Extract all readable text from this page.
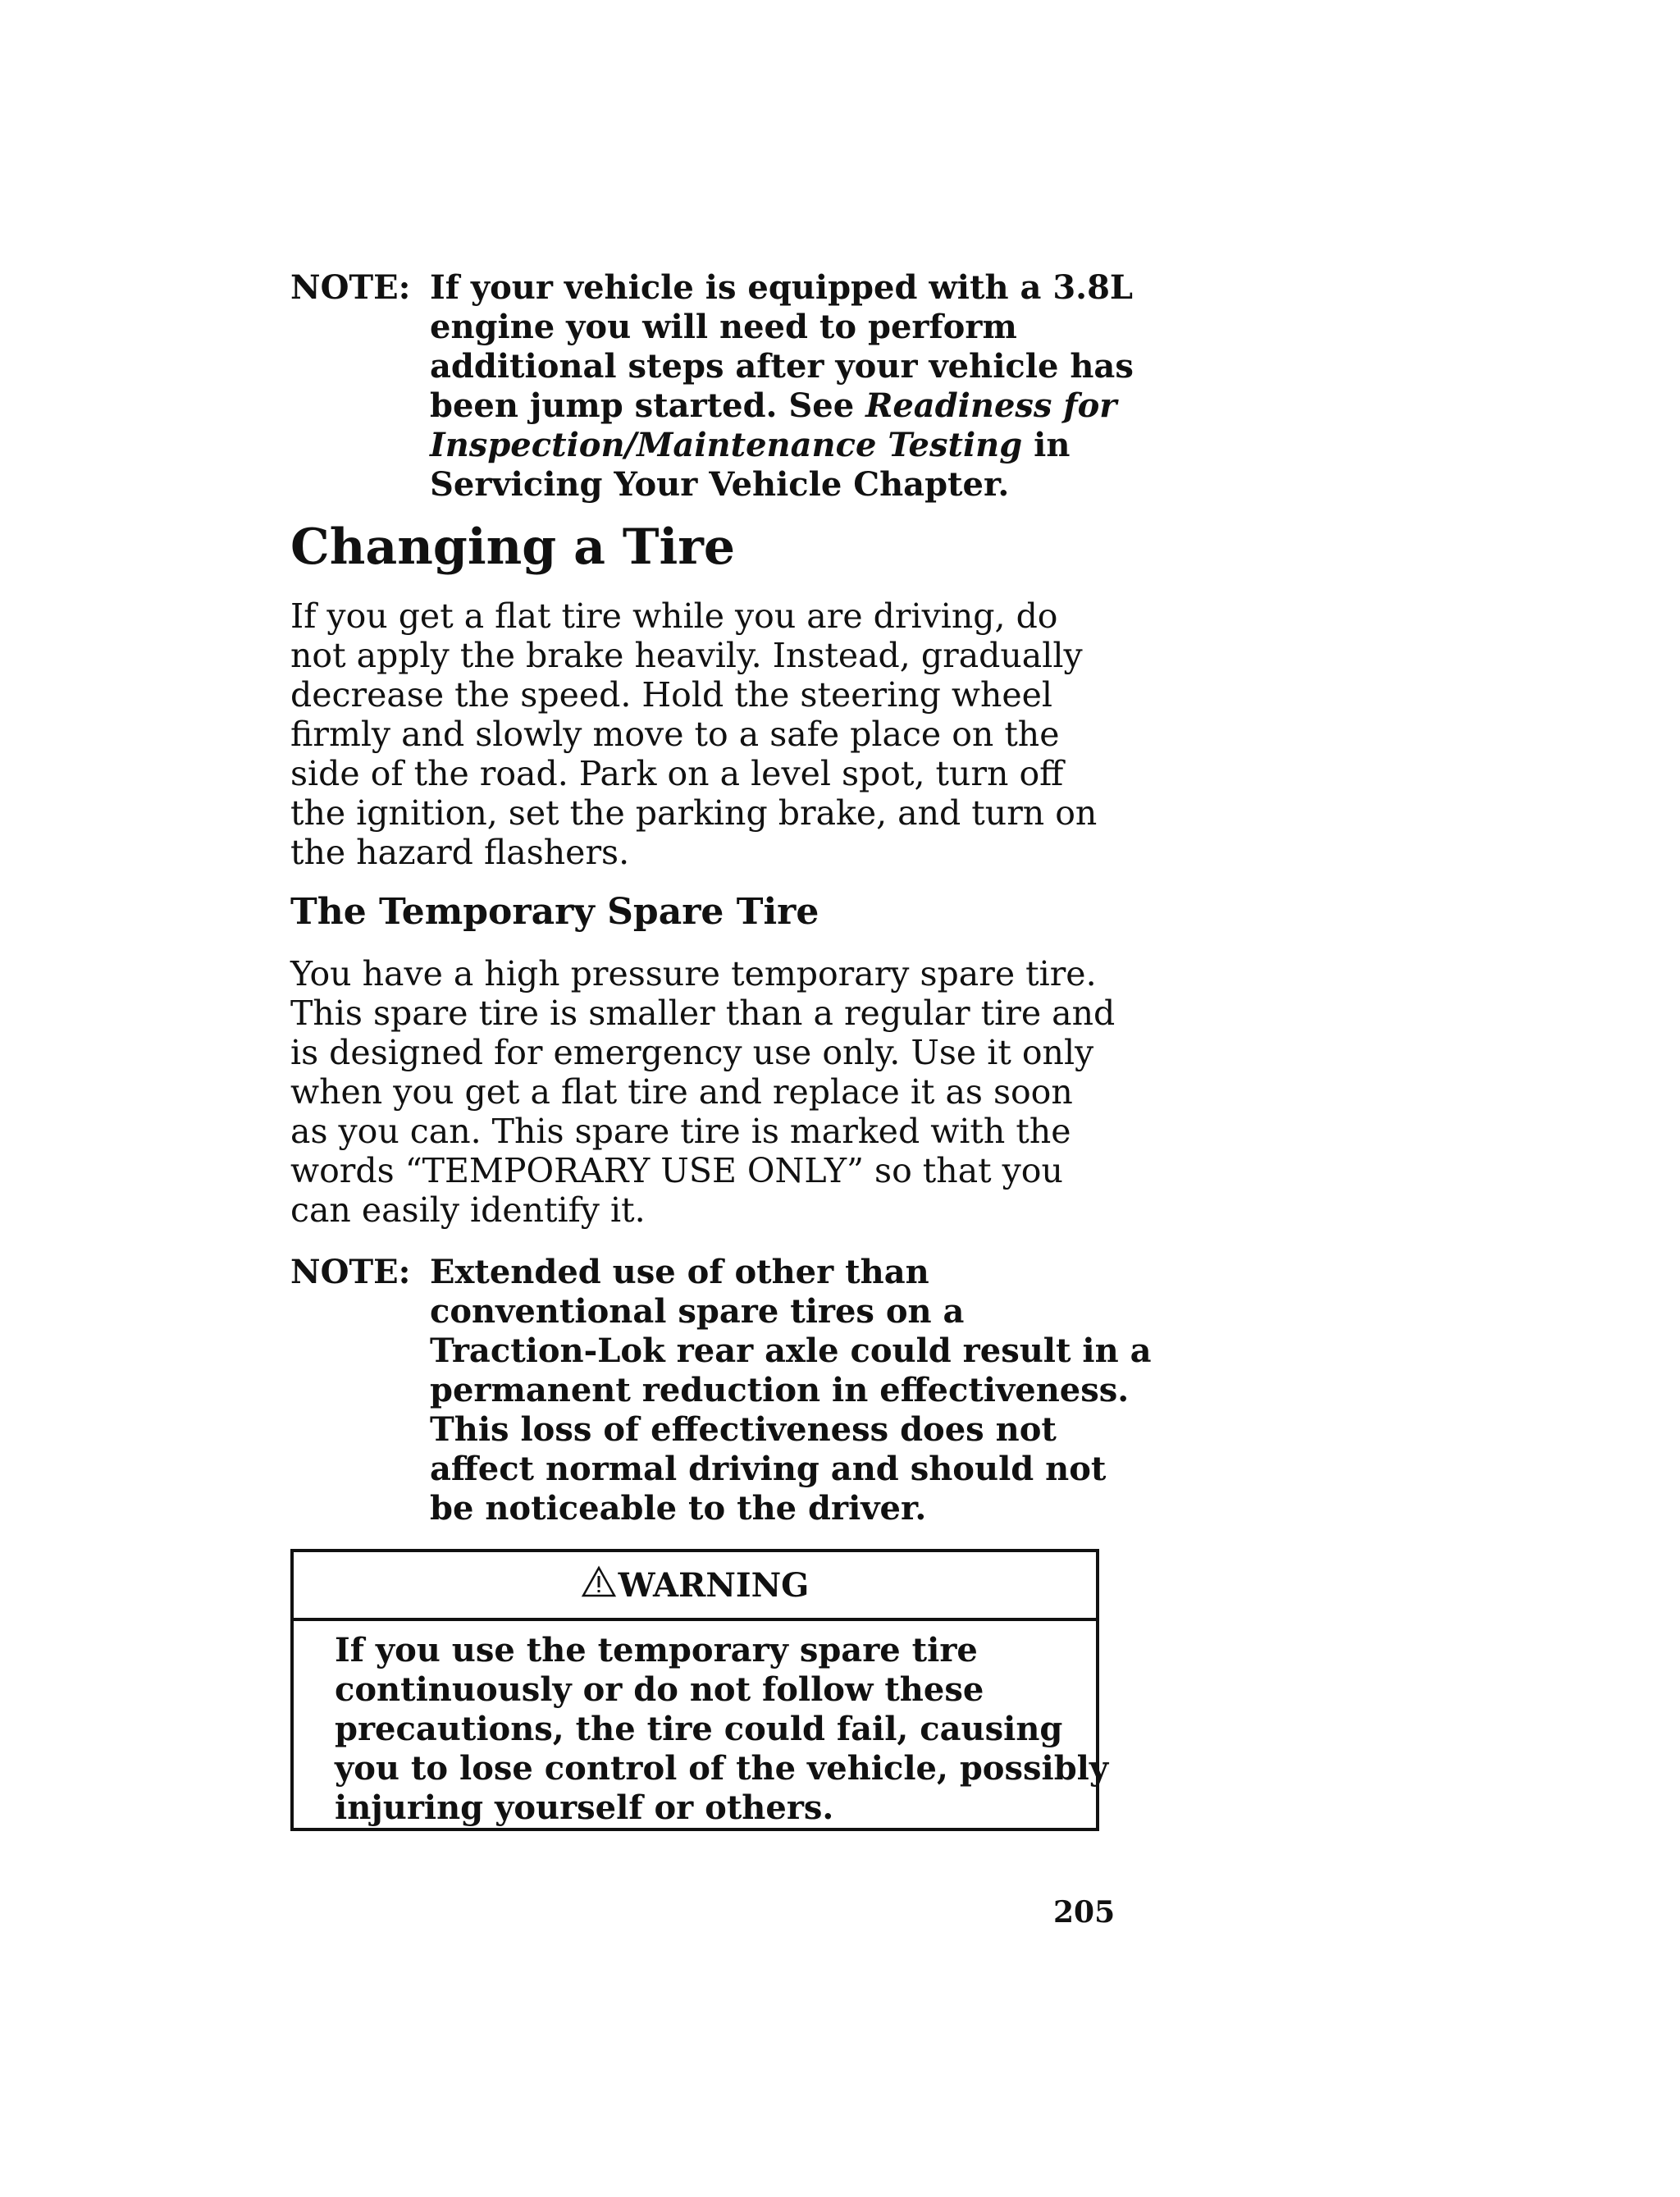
NOTE: If your vehicle is equipped with a 3.8L
engine you will need to perform
additional steps after your vehicle has
been jump started. See Readiness for
Inspection/Maintenance Testing in
Servicing Your Vehicle Chapter.
Changing a Tire

If you get a flat tire while you are driving, do
not apply the brake heavily. Instead, gradually
decrease the speed. Hold the steering wheel
firmly and slowly move to a safe place on the
side of the road. Park on a level spot, turn off
the ignition, set the parking brake, and turn on
the hazard flashers.

The Temporary Spare Tire

You have a high pressure temporary spare tire.
This spare tire is smaller than a regular tire and
is designed for emergency use only. Use it only
when you get a flat tire and replace it as soon
as you can. This spare tire is marked with the
words “TEMPORARY USE ONLY” so that you
can easily identify it.

NOTE: Extended use of other than
conventional spare tires on a
Traction-Lok rear axle could result in a
permanent reduction in effectiveness.
This loss of effectiveness does not
affect normal driving and should not
be noticeable to the driver.
WARNING
If you use the temporary spare tire
continuously or do not follow these
precautions, the tire could fail, causing
you to lose control of the vehicle, possibly
injuring yourself or others.
205
